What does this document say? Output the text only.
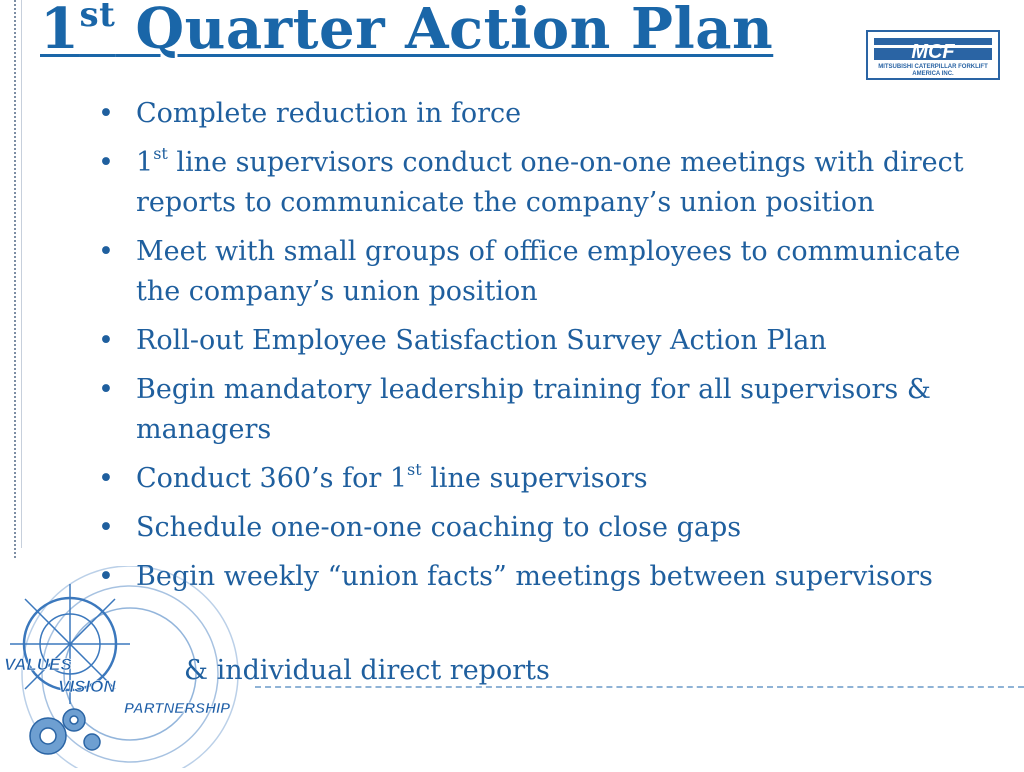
1st Quarter Action Plan	MCF
MITSUBISHI CATERPILLAR FORKLIFT
AMERICA INC.
• Complete reduction in force
• 1st line supervisors conduct one-on-one meetings with direct reports to communicate the company’s union position
• Meet with small groups of office employees to communicate the company’s union position
• Roll-out Employee Satisfaction Survey Action Plan
• Begin mandatory leadership training for all supervisors & managers
• Conduct 360’s for 1st line supervisors
• Schedule one-on-one coaching to close gaps
• Begin weekly “union facts” meetings between supervisors
& individual direct reports
VALUES
VISION
PARTNERSHIP
